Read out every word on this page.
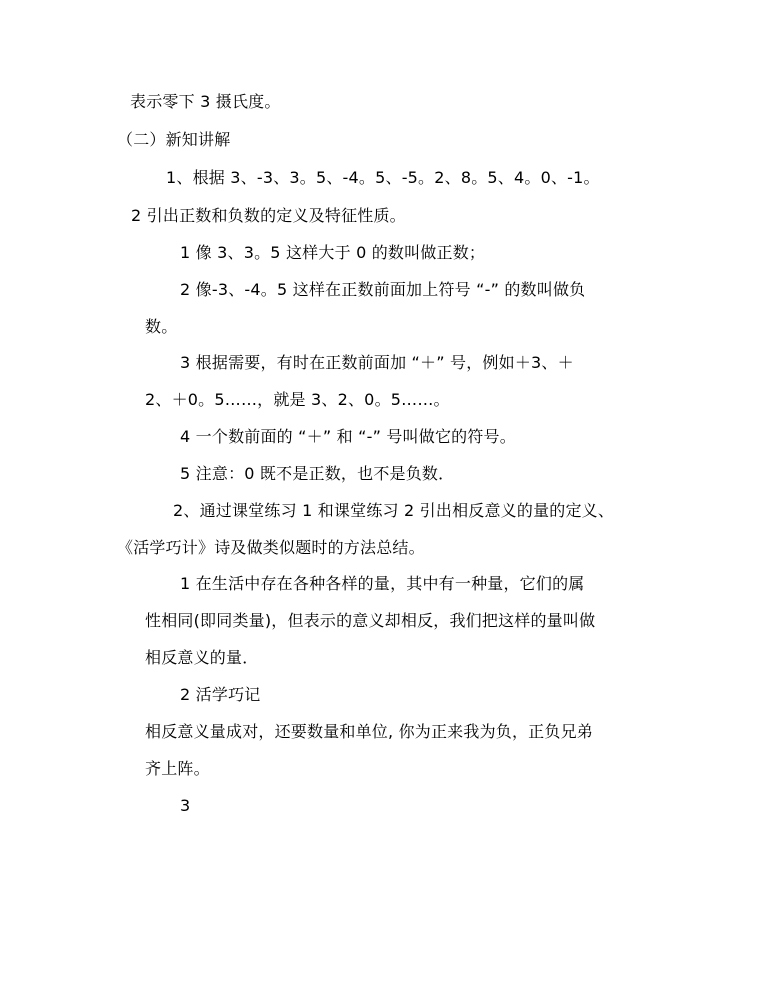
表示零下 3 摄氏度。
（二）新知讲解
1、根据 3、-3、3。5、-4。5、-5。2、8。5、4。0、-1。
2 引出正数和负数的定义及特征性质。
1 像 3、3。5 这样大于 0 的数叫做正数；
2 像-3、-4。5 这样在正数前面加上符号 “-” 的数叫做负
数。
3 根据需要，有时在正数前面加 “＋” 号，例如＋3、＋
2、＋0。5……，就是 3、2、0。5……。
4 一个数前面的 “＋” 和 “-” 号叫做它的符号。
5 注意：0 既不是正数，也不是负数．
2、通过课堂练习 1 和课堂练习 2 引出相反意义的量的定义、
《活学巧计》诗及做类似题时的方法总结。
1 在生活中存在各种各样的量，其中有一种量，它们的属
性相同(即同类量)，但表示的意义却相反，我们把这样的量叫做
相反意义的量．
2 活学巧记
相反意义量成对，还要数量和单位, 你为正来我为负，正负兄弟
齐上阵。
3
